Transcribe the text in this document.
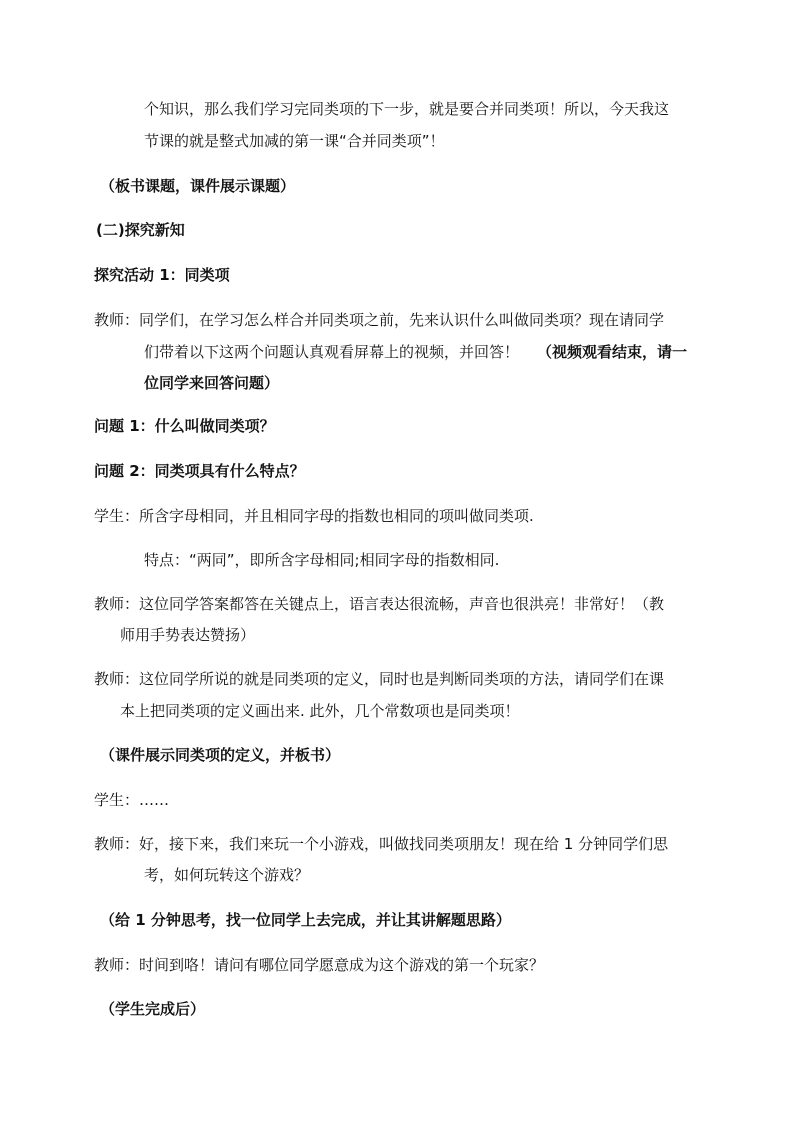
个知识，那么我们学习完同类项的下一步，就是要合并同类项！所以，今天我这
节课的就是整式加减的第一课“合并同类项”！
（板书课题，课件展示课题）
(二)探究新知
探究活动 1：同类项
教师：同学们，在学习怎么样合并同类项之前，先来认识什么叫做同类项？现在请同学
们带着以下这两个问题认真观看屏幕上的视频，并回答！ （视频观看结束，请一
位同学来回答问题）
问题 1：什么叫做同类项？
问题 2：同类项具有什么特点？
学生：所含字母相同，并且相同字母的指数也相同的项叫做同类项.
特点：“两同”，即所含字母相同;相同字母的指数相同.
教师：这位同学答案都答在关键点上，语言表达很流畅，声音也很洪亮！非常好！（教
师用手势表达赞扬）
教师：这位同学所说的就是同类项的定义，同时也是判断同类项的方法，请同学们在课
本上把同类项的定义画出来. 此外，几个常数项也是同类项！
（课件展示同类项的定义，并板书）
学生：……
教师：好，接下来，我们来玩一个小游戏，叫做找同类项朋友！现在给 1 分钟同学们思
考，如何玩转这个游戏？
（给 1 分钟思考，找一位同学上去完成，并让其讲解题思路）
教师：时间到咯！请问有哪位同学愿意成为这个游戏的第一个玩家？
（学生完成后）
